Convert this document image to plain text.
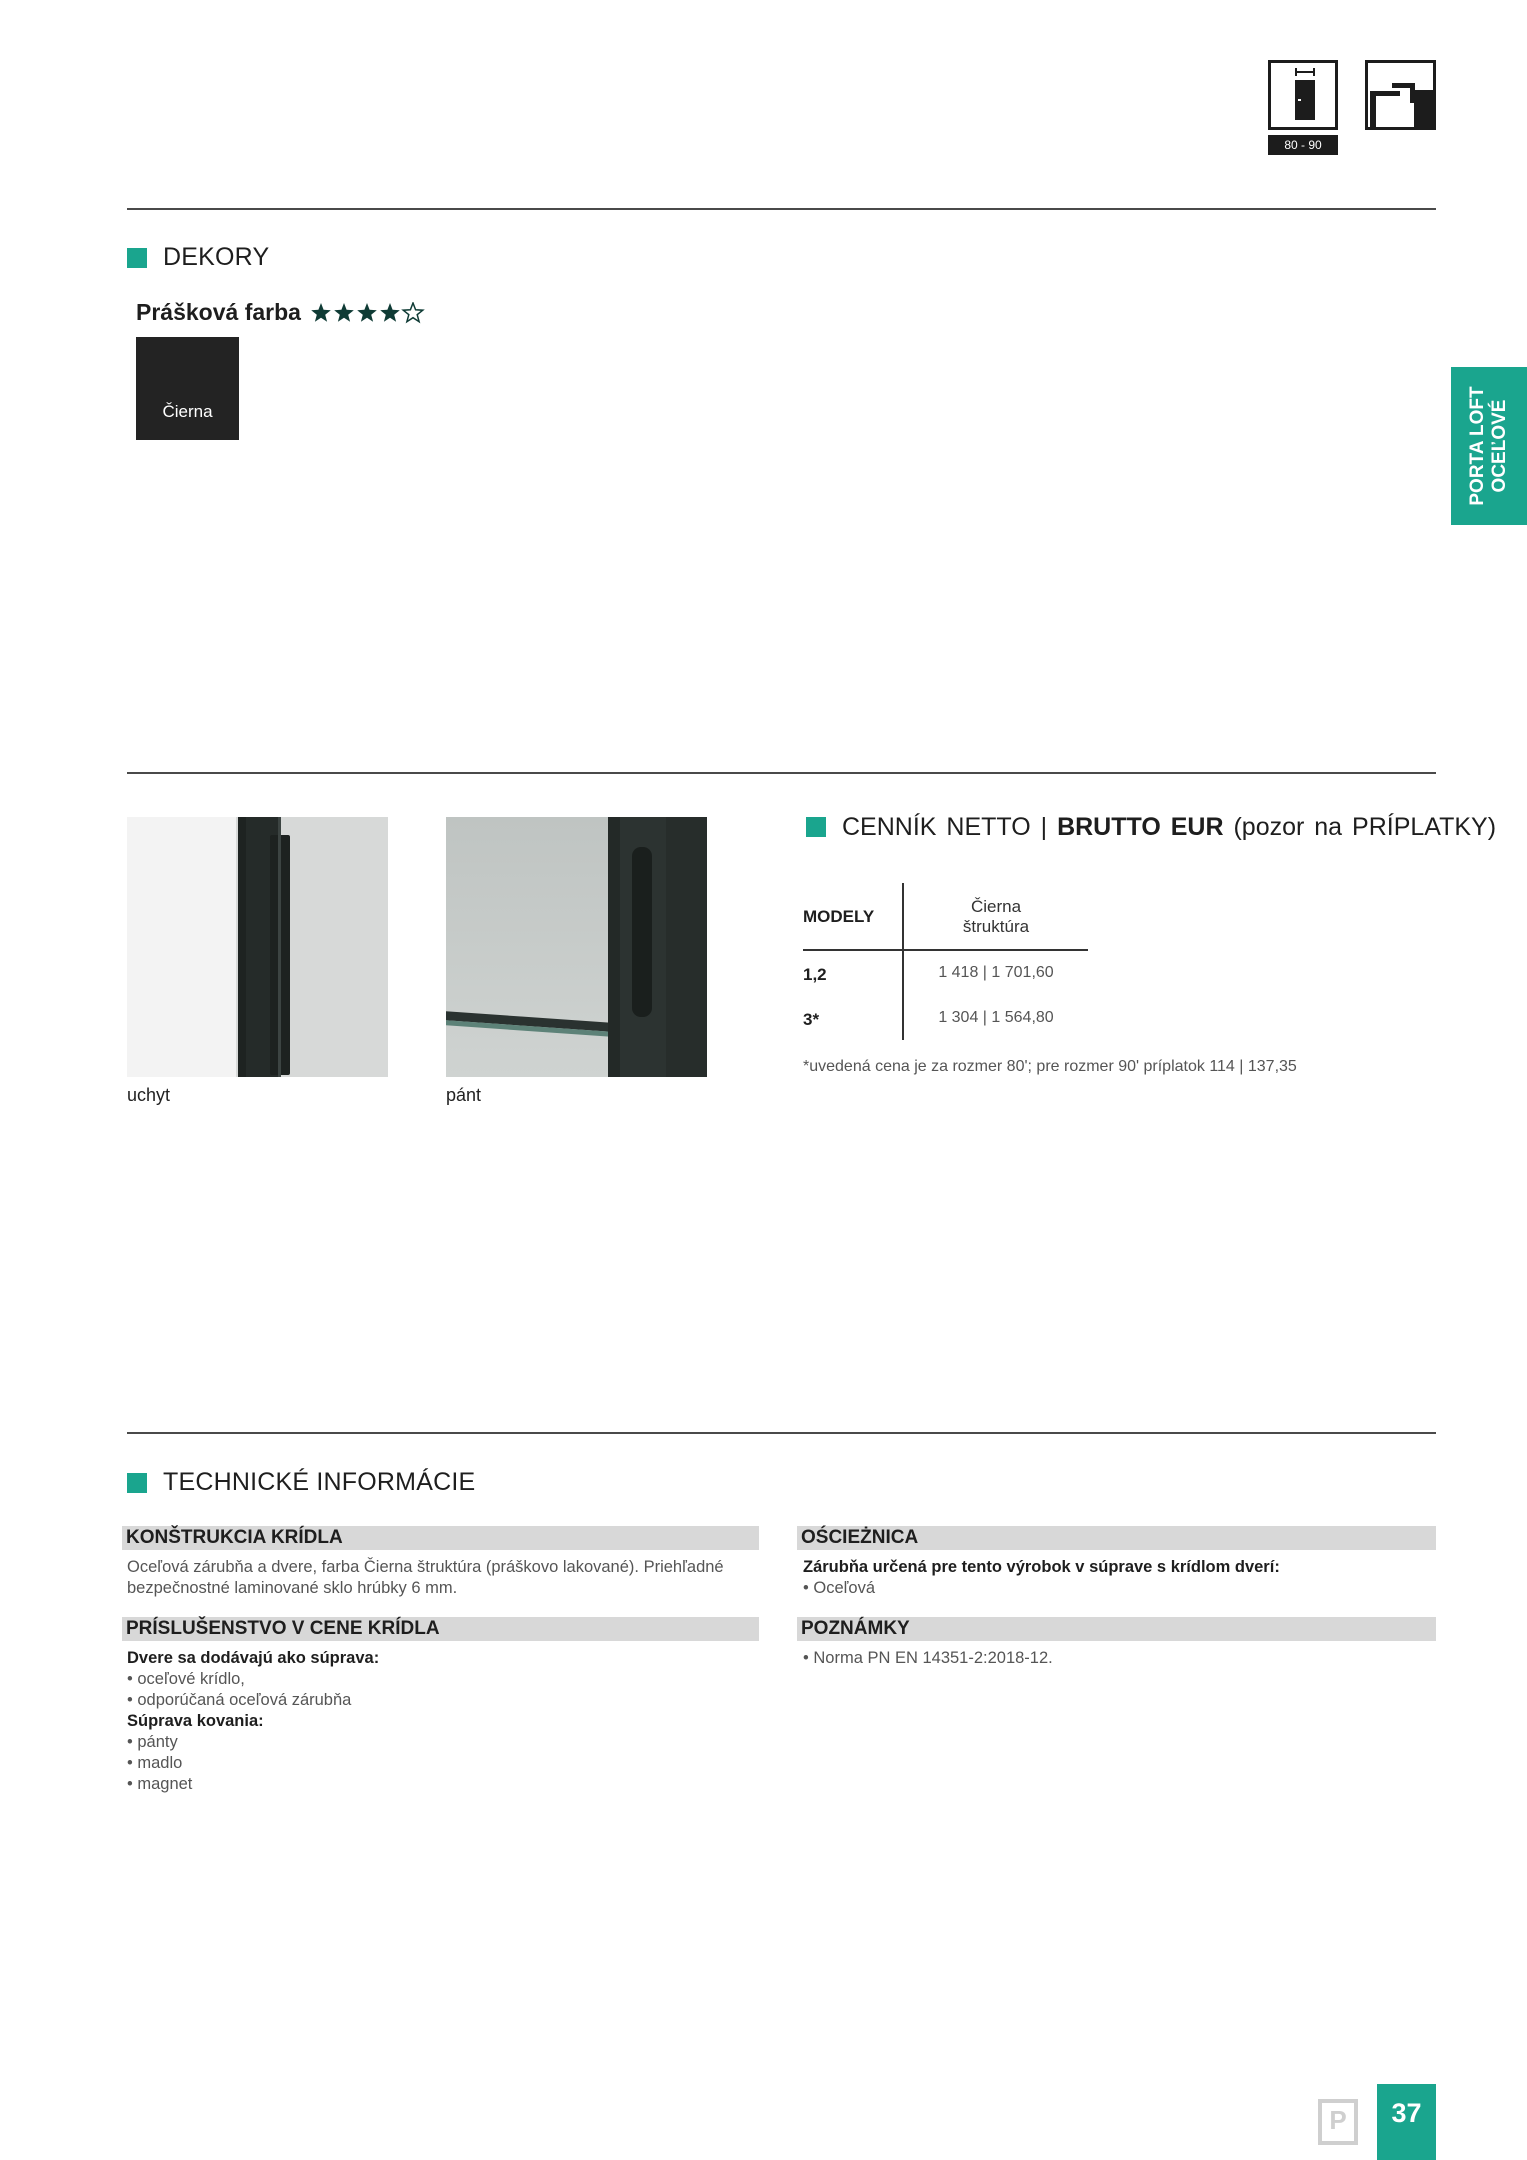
80 - 90
PORTA LOFT
OCEĽOVÉ
DEKORY
Prášková farba
Čierna

štruktúra
uchyt	pánt
CENNÍK NETTO | BRUTTO EUR (pozor na PRÍPLATKY)
MODELY
Čierna
štruktúra
1,2	1 418 | 1 701,60
3*	1 304 | 1 564,80
*uvedená cena je za rozmer 80'; pre rozmer 90' príplatok 114 | 137,35
TECHNICKÉ INFORMÁCIE
KONŠTRUKCIA KRÍDLA
Oceľová zárubňa a dvere, farba Čierna štruktúra (práškovo lakované). Priehľadné
bezpečnostné laminované sklo hrúbky 6 mm.
PRÍSLUŠENSTVO V CENE KRÍDLA
Dvere sa dodávajú ako súprava:
• oceľové krídlo,
• odporúčaná oceľová zárubňa
Súprava kovania:
• pánty
• madlo
• magnet
OŚCIEŻNICA
Zárubňa určená pre tento výrobok v súprave s krídlom dverí:
• Oceľová
POZNÁMKY
• Norma PN EN 14351-2:2018-12.
P	37
